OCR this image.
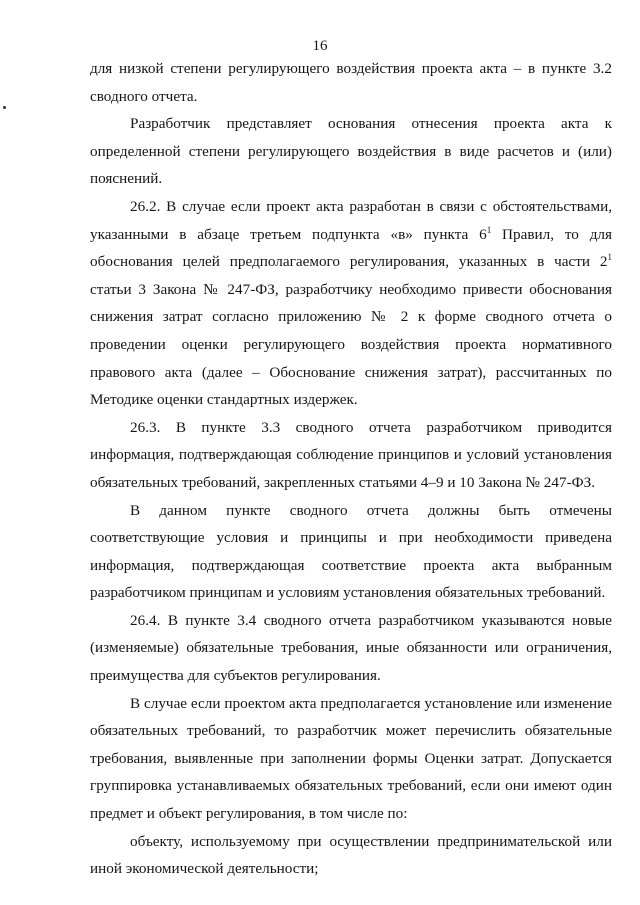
16

для низкой степени регулирующего воздействия проекта акта – в пункте 3.2 сводного отчета.

Разработчик представляет основания отнесения проекта акта к определенной степени регулирующего воздействия в виде расчетов и (или) пояснений.

26.2. В случае если проект акта разработан в связи с обстоятельствами, указанными в абзаце третьем подпункта «в» пункта $6^1$ Правил, то для обоснования целей предполагаемого регулирования, указанных в части $2^1$ статьи 3 Закона № 247-ФЗ, разработчику необходимо привести обоснования снижения затрат согласно приложению № 2 к форме сводного отчета о проведении оценки регулирующего воздействия проекта нормативного правового акта (далее – Обоснование снижения затрат), рассчитанных по Методике оценки стандартных издержек.

26.3. В пункте 3.3 сводного отчета разработчиком приводится информация, подтверждающая соблюдение принципов и условий установления обязательных требований, закрепленных статьями 4–9 и 10 Закона № 247-ФЗ.

В данном пункте сводного отчета должны быть отмечены соответствующие условия и принципы и при необходимости приведена информация, подтверждающая соответствие проекта акта выбранным разработчиком принципам и условиям установления обязательных требований.

26.4. В пункте 3.4 сводного отчета разработчиком указываются новые (изменяемые) обязательные требования, иные обязанности или ограничения, преимущества для субъектов регулирования.

В случае если проектом акта предполагается установление или изменение обязательных требований, то разработчик может перечислить обязательные требования, выявленные при заполнении формы Оценки затрат. Допускается группировка устанавливаемых обязательных требований, если они имеют один предмет и объект регулирования, в том числе по:

объекту, используемому при осуществлении предпринимательской или иной экономической деятельности;
